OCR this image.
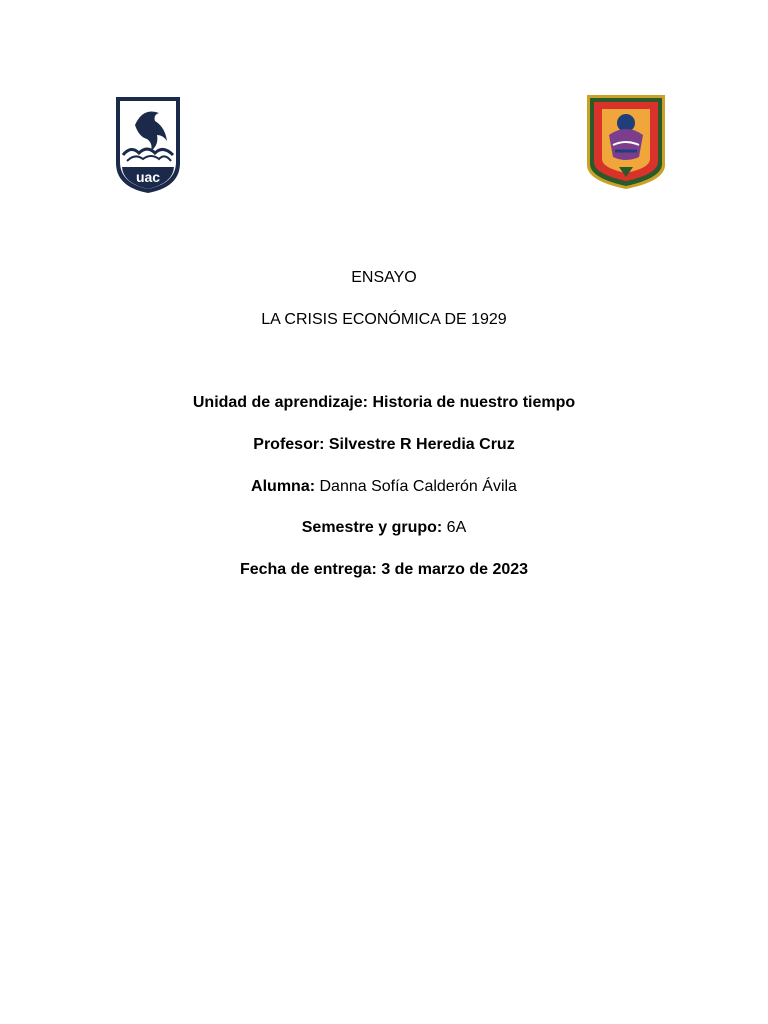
uac
ENSAYO
LA CRISIS ECONÓMICA DE 1929
Unidad de aprendizaje: Historia de nuestro tiempo
Profesor: Silvestre R Heredia Cruz
Alumna: Danna Sofía Calderón Ávila
Semestre y grupo: 6A
Fecha de entrega: 3 de marzo de 2023
